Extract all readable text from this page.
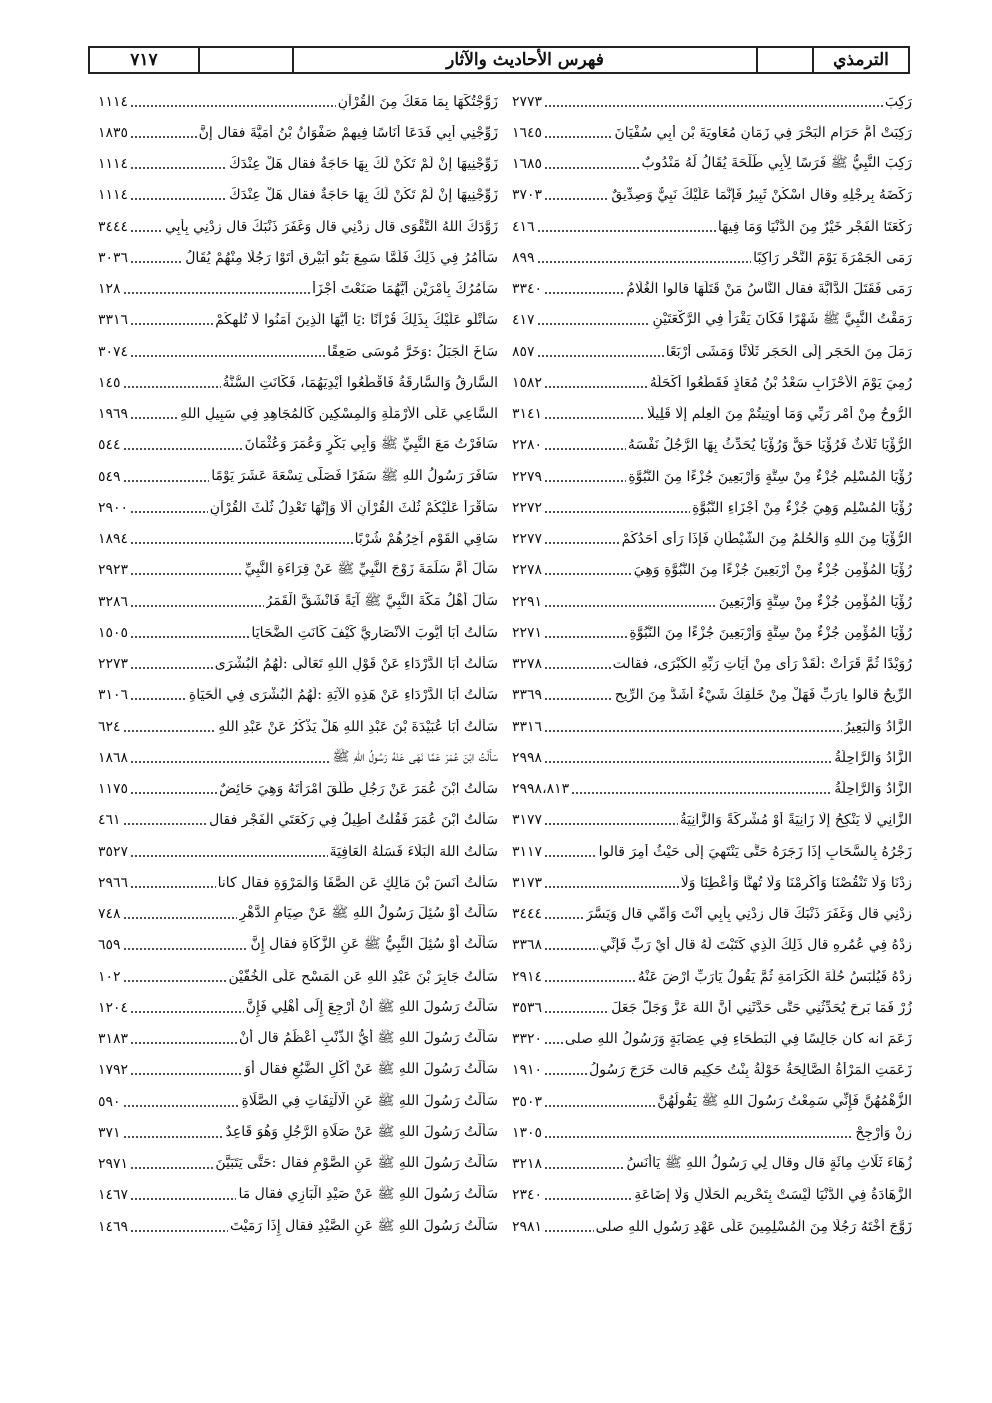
٧١٧	فهرس الأحاديث والآثار	الترمذي
رَكِبَ
٢٧٧٣
رَكِبَتْ أُمُّ حَرَامٍ الْبَحْرَ فِي زَمَانِ مُعَاوِيَةَ بْنِ أَبِي سُفْيَانَ
١٦٤٥
رَكِبَ النَّبِيُّ ﷺ فَرَسًا لِأَبِي طَلْحَةَ يُقَالُ لَهُ مَنْدُوبٌ
١٦٨٥
رَكَضَهُ بِرِجْلِهِ وقال اسْكُنْ ثَبِيرُ فَإِنَّمَا عَلَيْكَ نَبِيٌّ وَصِدِّيقٌ
٣٧٠٣
رَكْعَتَا الْفَجْرِ خَيْرٌ مِنَ الدُّنْيَا وَمَا فِيهَا
٤١٦
رَمَى الْجَمْرَةَ يَوْمَ النَّحْرِ رَاكِبًا
٨٩٩
رَمَى فَقَتَلَ الدَّابَّةَ فقال النَّاسُ مَنْ قَتَلَهَا قالوا الْغُلَامُ
٣٣٤٠
رَمَقْتُ النَّبِيَّ ﷺ شَهْرًا فَكَانَ يَقْرَأُ فِي الرَّكْعَتَيْنِ
٤١٧
رَمَلَ مِنَ الْحَجَرِ إِلَى الْحَجَرِ ثَلَاثًا وَمَشَى أَرْبَعًا
٨٥٧
رُمِيَ يَوْمَ الْأَحْزَابِ سَعْدُ بْنُ مُعَاذٍ فَقَطَعُوا أَكْحَلَهُ
١٥٨٢
الرُّوحُ مِنْ أَمْرِ رَبِّي وَمَا أُوتِيتُمْ مِنَ الْعِلْمِ إِلَّا قَلِيلًا
٣١٤١
الرُّؤْيَا ثَلَاثٌ فَرُؤْيَا حَقٌّ وَرُؤْيَا يُحَدِّثُ بِهَا الرَّجُلُ نَفْسَهُ
٢٢٨٠
رُؤْيَا الْمُسْلِمِ جُزْءٌ مِنْ سِتَّةٍ وَأَرْبَعِينَ جُزْءًا مِنَ النُّبُوَّةِ
٢٢٧٩
رُؤْيَا الْمُسْلِمِ وَهِيَ جُزْءٌ مِنْ أَجْزَاءِ النُّبُوَّةِ
٢٢٧٢
الرُّؤْيَا مِنَ اللهِ وَالْحُلْمُ مِنَ الشَّيْطَانِ فَإِذَا رَأَى أَحَدُكُمْ
٢٢٧٧
رُؤْيَا الْمُؤْمِنِ جُزْءٌ مِنْ أَرْبَعِينَ جُزْءًا مِنَ النُّبُوَّةِ وَهِيَ
٢٢٧٨
رُؤْيَا الْمُؤْمِنِ جُزْءٌ مِنْ سِتَّةٍ وَأَرْبَعِينَ
٢٢٩١
رُؤْيَا الْمُؤْمِنِ جُزْءٌ مِنْ سِتَّةٍ وَأَرْبَعِينَ جُزْءًا مِنَ النُّبُوَّةِ
٢٢٧١
رُوَيْدًا ثُمَّ قَرَأَتْ :لَقَدْ رَأَى مِنْ آيَاتِ رَبِّهِ الْكُبْرَى، فقالت
٣٢٧٨
الرِّيحُ قالوا يارَبِّ فَهَلْ مِنْ خَلْقِكَ شَيْءٌ أَشَدُّ مِنَ الرِّيحِ
٣٣٦٩
الزَّادُ وَالْبَعِيرُ
٣٣١٦
الزَّادُ وَالرَّاحِلَةُ
٢٩٩٨
الزَّادُ وَالرَّاحِلَةُ
٢٩٩٨،٨١٣
الزَّانِي لَا يَنْكِحُ إِلَّا زَانِيَةً أَوْ مُشْرِكَةً وَالزَّانِيَةُ
٣١٧٧
زَجْرُهُ بِالسَّحَابِ إِذَا زَجَرَهُ حَتَّى يَنْتَهِيَ إِلَى حَيْثُ أُمِرَ قالوا
٣١١٧
زِدْنَا وَلَا تَنْقُصْنَا وَأَكْرِمْنَا وَلَا تُهِنَّا وَأَعْطِنَا وَلَا
٣١٧٣
زِدْنِي قال وَغَفَرَ ذَنْبَكَ قال زِدْنِي بِأَبِي أَنْتَ وَأُمِّي قال وَيَسَّرَ
٣٤٤٤
زِدْهُ فِي عُمُرِهِ قال ذَلِكَ الَّذِي كَتَبْتَ لَهُ قال أَيْ رَبِّ فَإِنِّي
٣٣٦٨
زِدْهُ فَيُلْبَسُ حُلَّةَ الْكَرَامَةِ ثُمَّ يَقُولُ يَارَبِّ ارْضَ عَنْهُ
٢٩١٤
زُرْ فَمَا بَرِحَ يُحَدِّثُنِي حَتَّى حَدَّثَنِي أَنَّ اللهَ عَزَّ وَجَلَّ جَعَلَ
٣٥٣٦
زَعَمَ انه كان جَالِسًا فِي الْبَطْحَاءِ فِي عِصَابَةٍ وَرَسُولُ اللهِ صلى
٣٣٢٠
زَعَمَتِ الْمَرْأَةُ الصَّالِحَةُ خَوْلَةُ بِنْتُ حَكِيمٍ قالت خَرَجَ رَسُولُ
١٩١٠
الزُّهْمُهُنَّ فَإِنِّي سَمِعْتُ رَسُولَ اللهِ ﷺ يَقُولُهُنَّ
٣٥٠٣
زِنْ وَأَرْجِحْ
١٣٠٥
زُهَاءَ ثَلَاثِ مِائَةٍ قال وقال لِي رَسُولُ اللهِ ﷺ يَاأَنَسُ
٣٢١٨
الزَّهَادَةُ فِي الدُّنْيَا لَيْسَتْ بِتَحْرِيمِ الْحَلَالِ وَلَا إِضَاعَةِ
٢٣٤٠
زَوَّجَ أُخْتَهُ رَجُلًا مِنَ الْمُسْلِمِينَ عَلَى عَهْدِ رَسُولِ اللهِ صلى
٢٩٨١
زَوَّجْتُكَهَا بِمَا مَعَكَ مِنَ الْقُرْآنِ
١١١٤
زَوِّجْنِي أَبِي فَدَعَا أُنَاسًا فِيهِمْ صَفْوَانُ بْنُ أُمَيَّةَ فقال إِنَّ
١٨٣٥
زَوِّجْنِيهَا إِنْ لَمْ تَكُنْ لَكَ بِهَا حَاجَةٌ فقال هَلْ عِنْدَكَ
١١١٤
زَوِّجْنِيهَا إِنْ لَمْ تَكُنْ لَكَ بِهَا حَاجَةٌ فقال هَلْ عِنْدَكَ
١١١٤
زَوَّدَكَ اللهُ التَّقْوَى قال زِدْنِي قال وَغَفَرَ ذَنْبَكَ قال زِدْنِي بِأَبِي
٣٤٤٤
سَأَأْمُرُ فِي ذَلِكَ فَلَمَّا سَمِعَ بَنُو أُبَيْرِقٍ أَتَوْا رَجُلًا مِنْهُمْ يُقَالُ
٣٠٣٦
سَآمُرُكَ بِأَمْرَيْنِ أَيَّهُمَا صَنَعْتَ أَجْزَأَ
١٢٨
سَأَتْلُو عَلَيْكَ بِذَلِكَ قُرْآنًا :يَا أَيُّهَا الَّذِينَ آمَنُوا لَا تُلْهِكُمْ
٣٣١٦
سَاخَ الْجَبَلُ :وَخَرَّ مُوسَى صَعِقًا
٣٠٧٤
السَّارِقُ وَالسَّارِقَةُ فَاقْطَعُوا أَيْدِيَهُمَا، فَكَانَتِ السُّنَّةُ
١٤٥
السَّاعِي عَلَى الْأَرْمَلَةِ وَالْمِسْكِينِ كَالْمُجَاهِدِ فِي سَبِيلِ اللهِ
١٩٦٩
سَافَرْتُ مَعَ النَّبِيِّ ﷺ وَأَبِي بَكْرٍ وَعُمَرَ وَعُثْمَانَ
٥٤٤
سَافَرَ رَسُولُ اللهِ ﷺ سَفَرًا فَصَلَّى تِسْعَةَ عَشَرَ يَوْمًا
٥٤٩
سَأَقْرَأُ عَلَيْكُمْ ثُلُثَ الْقُرْآنِ أَلَا وَإِنَّهَا تَعْدِلُ ثُلُثَ الْقُرْآنِ
٢٩٠٠
سَاقِي الْقَوْمِ آخِرُهُمْ شُرْبًا
١٨٩٤
سَأَلَ أُمَّ سَلَمَةَ زَوْجَ النَّبِيِّ ﷺ عَنْ قِرَاءَةِ النَّبِيِّ
٢٩٢٣
سَأَلَ أَهْلُ مَكَّةَ النَّبِيَّ ﷺ آيَةً فَانْشَقَّ الْقَمَرُ
٣٢٨٦
سَأَلْتُ أَبَا أَيُّوبَ الْأَنْصَارِيَّ كَيْفَ كَانَتِ الضَّحَايَا
١٥٠٥
سَأَلْتُ أَبَا الدَّرْدَاءِ عَنْ قَوْلِ اللهِ تَعَالَى :لَهُمُ الْبُشْرَى
٢٢٧٣
سَأَلْتُ أَبَا الدَّرْدَاءِ عَنْ هَذِهِ الْآيَةِ :لَهُمُ الْبُشْرَى فِي الْحَيَاةِ
٣١٠٦
سَأَلْتُ أَبَا عُبَيْدَةَ بْنَ عَبْدِ اللهِ هَلْ يَذْكُرُ عَنْ عَبْدِ اللهِ
٦٢٤
سَأَلْتُ ابْنَ عُمَرَ عَمَّا نَهَى عَنْهُ رَسُولُ اللهِ ﷺ
١٨٦٨
سَأَلْتُ ابْنَ عُمَرَ عَنْ رَجُلٍ طَلَّقَ امْرَأَتَهُ وَهِيَ حَائِضٌ
١١٧٥
سَأَلْتُ ابْنَ عُمَرَ فَقُلْتُ أُطِيلُ فِي رَكْعَتَيِ الْفَجْرِ فقال
٤٦١
سَأَلْتُ اللهَ الْبَلَاءَ فَسَلْهُ الْعَافِيَةَ
٣٥٢٧
سَأَلْتُ أَنَسَ بْنَ مَالِكٍ عَنِ الصَّفَا وَالْمَرْوَةِ فقال كانا
٢٩٦٦
سَأَلْتُ أَوْ سُئِلَ رَسُولُ اللهِ ﷺ عَنْ صِيَامِ الدَّهْرِ
٧٤٨
سَأَلْتُ أَوْ سُئِلَ النَّبِيُّ ﷺ عَنِ الزَّكَاةِ فقال إِنَّ
٦٥٩
سَأَلْتُ جَابِرَ بْنَ عَبْدِ اللهِ عَنِ الْمَسْحِ عَلَى الْخُفَّيْنِ
١٠٢
سَأَلْتُ رَسُولَ اللهِ ﷺ أَنْ أَرْجِعَ إِلَى أَهْلِي فَإِنَّ
١٢٠٤
سَأَلْتُ رَسُولَ اللهِ ﷺ أَيُّ الذَّنْبِ أَعْظَمُ قال أَنْ
٣١٨٣
سَأَلْتُ رَسُولَ اللهِ ﷺ عَنْ أَكْلِ الضَّبُعِ فقال أَوَ
١٧٩٢
سَأَلْتُ رَسُولَ اللهِ ﷺ عَنِ الْالْتِفَاتِ فِي الصَّلَاةِ
٥٩٠
سَأَلْتُ رَسُولَ اللهِ ﷺ عَنْ صَلَاةِ الرَّجُلِ وَهُوَ قَاعِدٌ
٣٧١
سَأَلْتُ رَسُولَ اللهِ ﷺ عَنِ الصَّوْمِ فقال :حَتَّى يَتَبَيَّنَ
٢٩٧١
سَأَلْتُ رَسُولَ اللهِ ﷺ عَنْ صَيْدِ الْبَازِي فقال مَا
١٤٦٧
سَأَلْتُ رَسُولَ اللهِ ﷺ عَنِ الصَّيْدِ فقال إِذَا رَمَيْتَ
١٤٦٩
